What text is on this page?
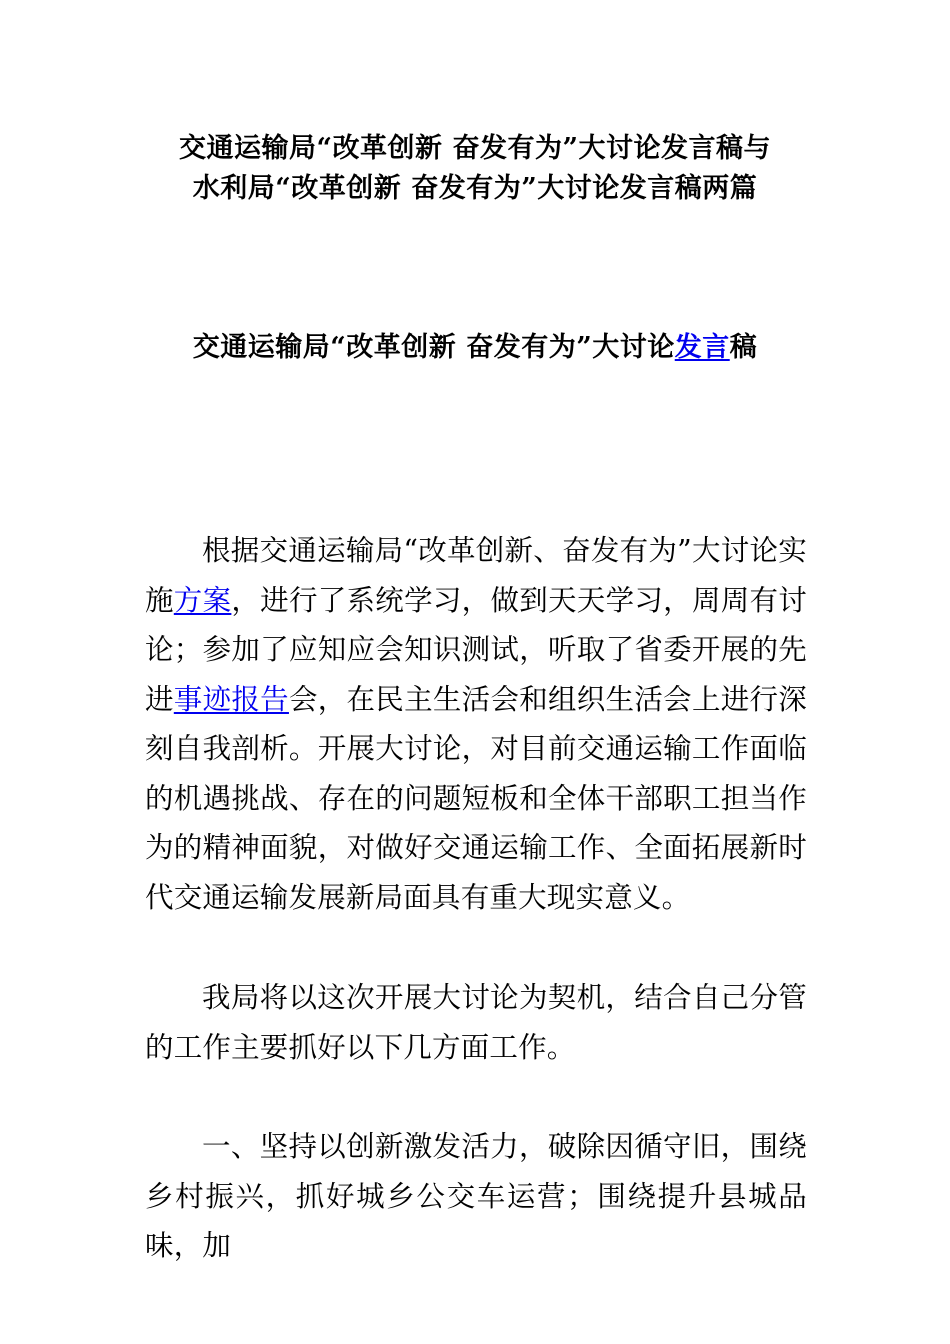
交通运输局“改革创新 奋发有为”大讨论发言稿与
水利局“改革创新 奋发有为”大讨论发言稿两篇
交通运输局“改革创新 奋发有为”大讨论发言稿

根据交通运输局“改革创新、奋发有为”大讨论实施方案，进行了系统学习，做到天天学习，周周有讨论；参加了应知应会知识测试，听取了省委开展的先进事迹报告会，在民主生活会和组织生活会上进行深刻自我剖析。开展大讨论，对目前交通运输工作面临的机遇挑战、存在的问题短板和全体干部职工担当作为的精神面貌，对做好交通运输工作、全面拓展新时代交通运输发展新局面具有重大现实意义。

我局将以这次开展大讨论为契机，结合自己分管的工作主要抓好以下几方面工作。

一、坚持以创新激发活力，破除因循守旧，围绕乡村振兴，抓好城乡公交车运营；围绕提升县城品味，加
